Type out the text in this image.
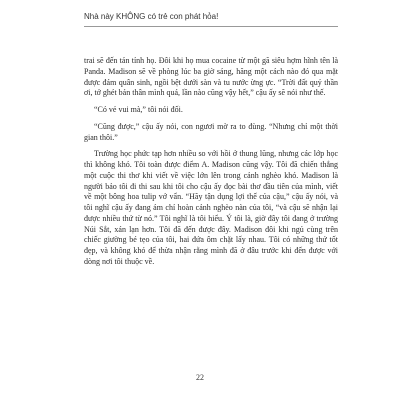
Nhà này KHÔNG có trẻ con phát hỏa!

trai sẽ đến tán tỉnh họ. Đôi khi họ mua cocaine từ một gã siêu hợm hĩnh tên là Panda. Madison sẽ về phòng lúc ba giờ sáng, hăng một cách nào đó qua mặt được đám quân sinh, ngồi bệt dưới sàn và tu nước ừng ực. “Trời đất quỷ thần ơi, tớ ghét bản thân mình quá, lần nào cũng vậy hết,” cậu ấy sẽ nói như thế.

“Có vẻ vui mà,” tôi nói đối.

“Cũng được,” cậu ấy nói, con ngươi mờ ra to đùng. “Nhưng chỉ một thời gian thôi.”

Trường học phức tạp hơn nhiều so với hồi ở thung lũng, nhưng các lớp học thì không khó. Tôi toàn được điểm A. Madison cũng vậy. Tôi đã chiến thắng một cuộc thi thơ khi viết về việc lớn lên trong cảnh nghèo khó. Madison là người bảo tôi đi thi sau khi tôi cho cậu ấy đọc bài thơ đầu tiên của mình, viết về một bông hoa tulip vớ vẩn. “Hãy tận dụng lợi thế của cậu,” cậu ấy nói, và tôi nghĩ cậu ấy đang ám chỉ hoàn cảnh nghèo nàn của tôi, “và cậu sẽ nhận lại được nhiều thứ từ nó.” Tôi nghĩ là tôi hiểu. Ý tôi là, giờ đây tôi đang ở trường Núi Sắt, xán lạn hơn. Tôi đã đến được đây. Madison đôi khi ngủ cùng trên chiếc giường bé tẹo của tôi, hai đứa ôm chặt lấy nhau. Tôi có những thứ tốt đẹp, và không khó để thừa nhận rằng mình đã ở đâu trước khi đến được với dòng nơi tôi thuộc về.

22
